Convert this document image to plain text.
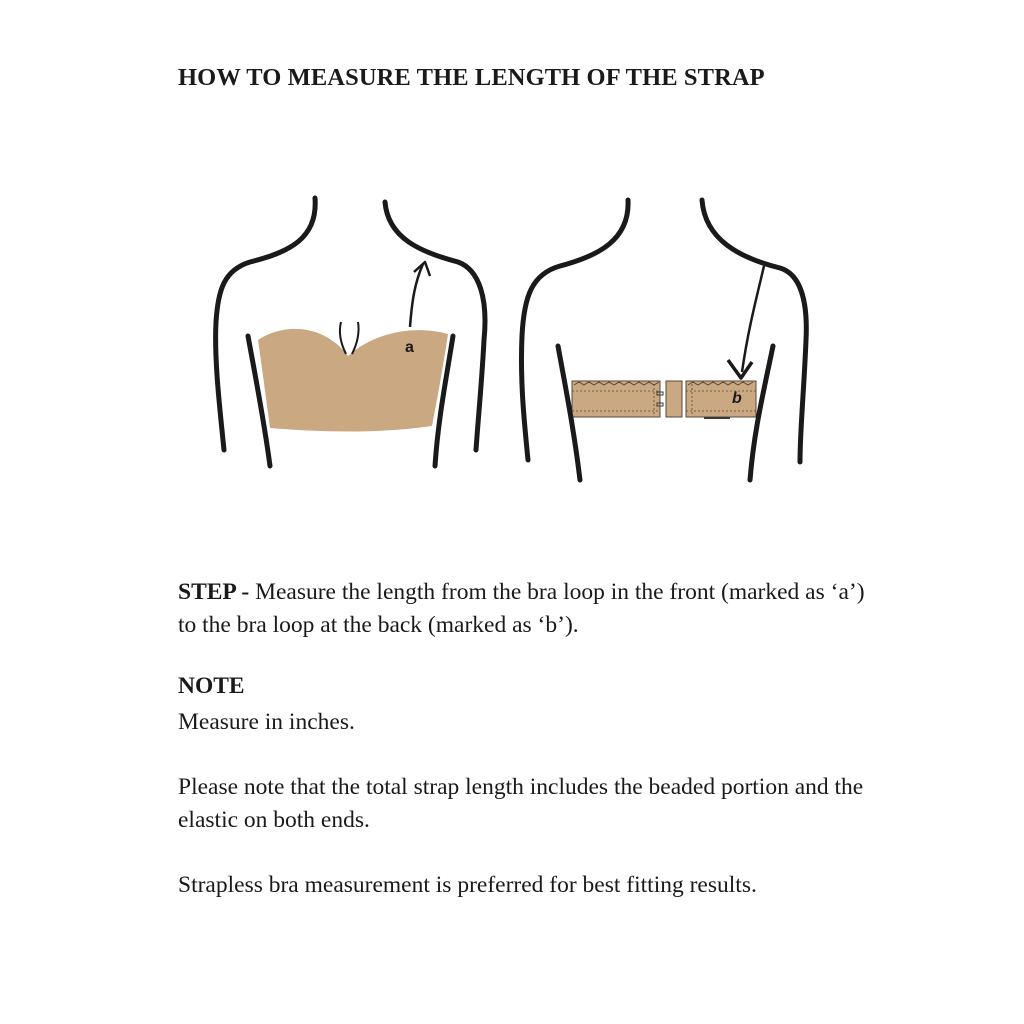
HOW TO MEASURE THE LENGTH OF THE STRAP
a
b

STEP - Measure the length from the bra loop in the front (marked as ‘a’) to the bra loop at the back (marked as ‘b’).

NOTE

Measure in inches.

Please note that the total strap length includes the beaded portion and the elastic on both ends.

Strapless bra measurement is preferred for best fitting results.
